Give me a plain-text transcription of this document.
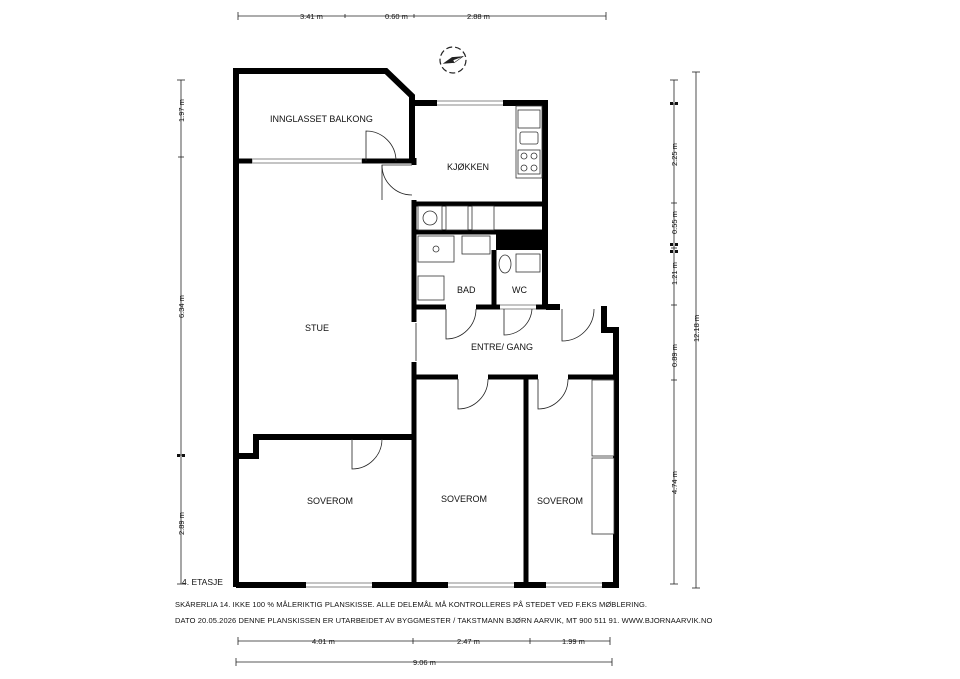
3.41 m	0.60 m	2.88 m
4.01 m	2.47 m	1.99 m
9.06 m
1.97 m
6.34 m
2.89 m
2.25 m
0.55 m
1.21 m
0.89 m
4.74 m
12.18 m
INNGLASSET BALKONG
KJØKKEN
STUE
BAD	WC
ENTRE/ GANG
SOVEROM	SOVEROM	SOVEROM
4. ETASJE
SKÄRERLIA 14. IKKE 100 % MÅLERIKTIG PLANSKISSE. ALLE DELEMÅL MÅ KONTROLLERES PÅ STEDET VED F.EKS MØBLERING.
DATO 20.05.2026 DENNE PLANSKISSEN ER UTARBEIDET AV BYGGMESTER / TAKSTMANN BJØRN AARVIK, MT 900 511 91. WWW.BJORNAARVIK.NO
